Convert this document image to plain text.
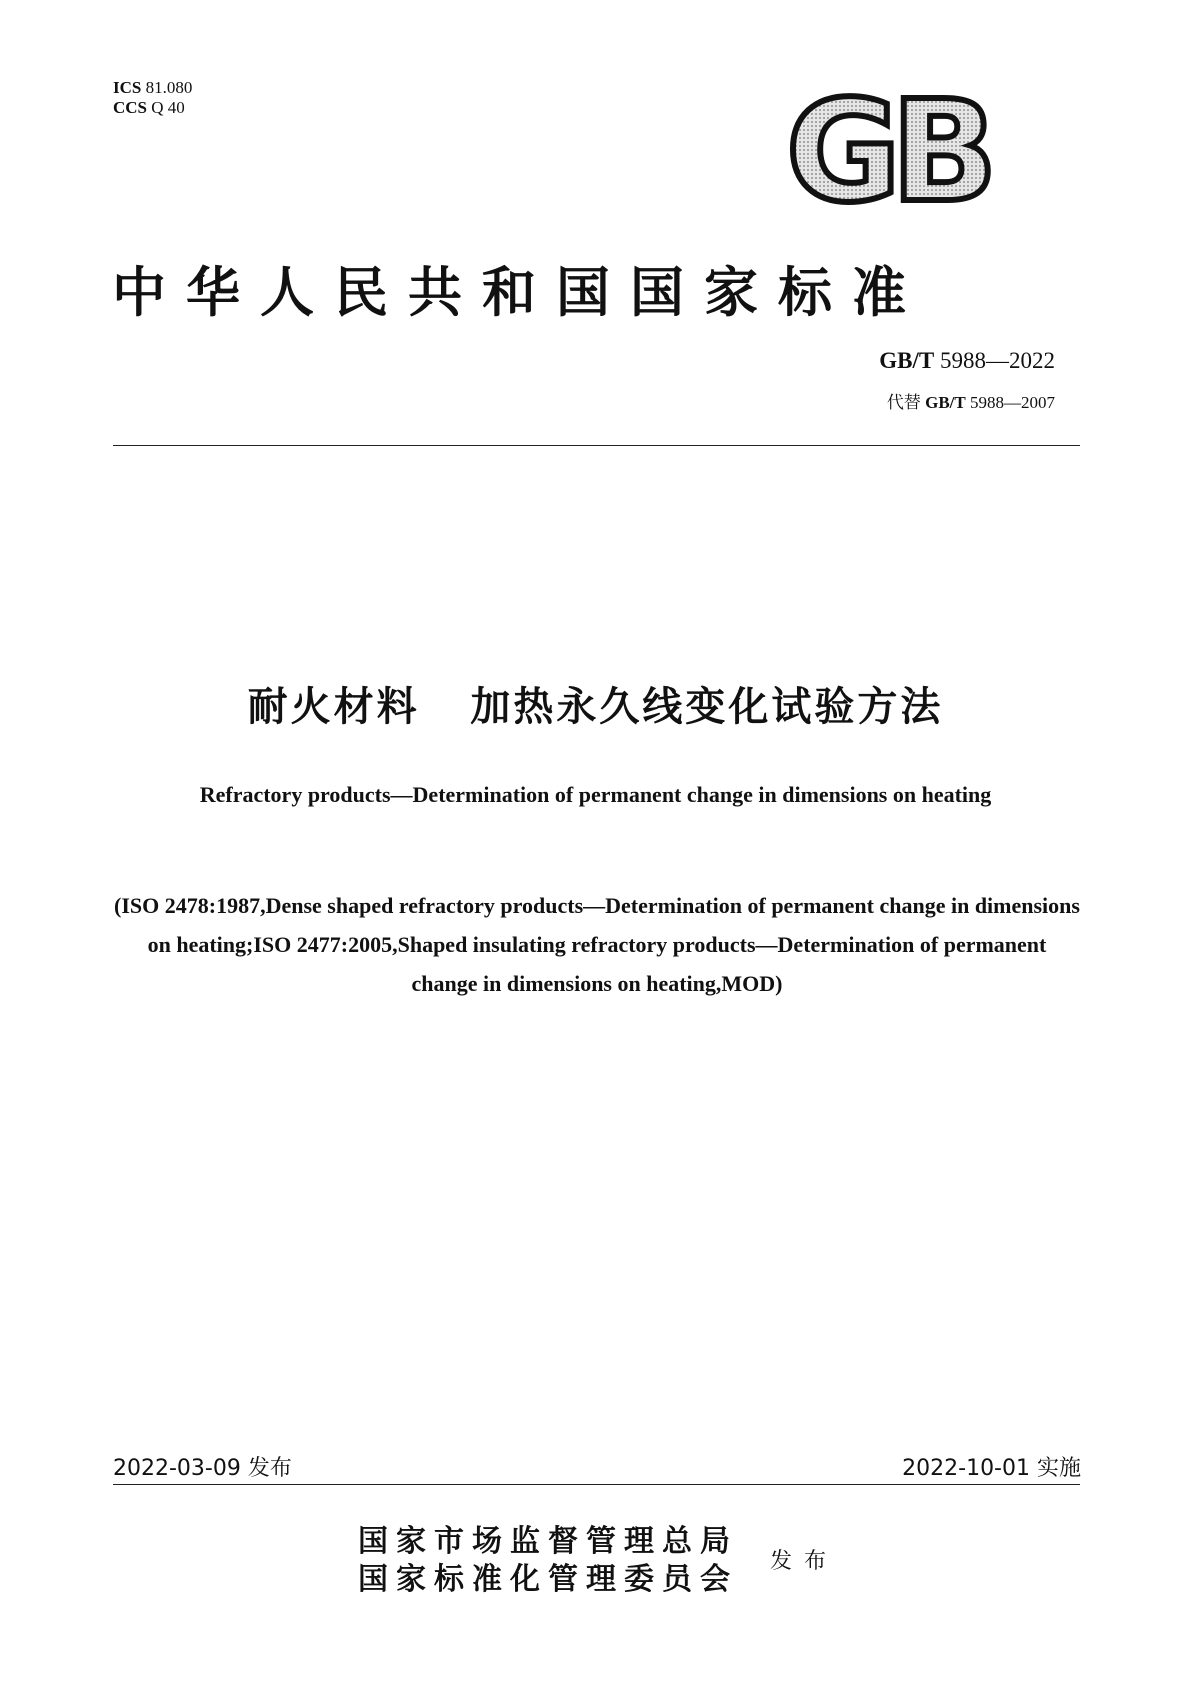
ICS 81.080
CCS Q 40	GB
中华人民共和国国家标准
GB/T 5988—2022
代替 GB/T 5988—2007
耐火材料   加热永久线变化试验方法
Refractory products—Determination of permanent change in dimensions on heating
(ISO 2478:1987,Dense shaped refractory products—Determination of permanent change in dimensions on heating;ISO 2477:2005,Shaped insulating refractory products—Determination of permanent change in dimensions on heating,MOD)
2022-03-09 发布	2022-10-01 实施
国家市场监督管理总局
国家标准化管理委员会
发布
